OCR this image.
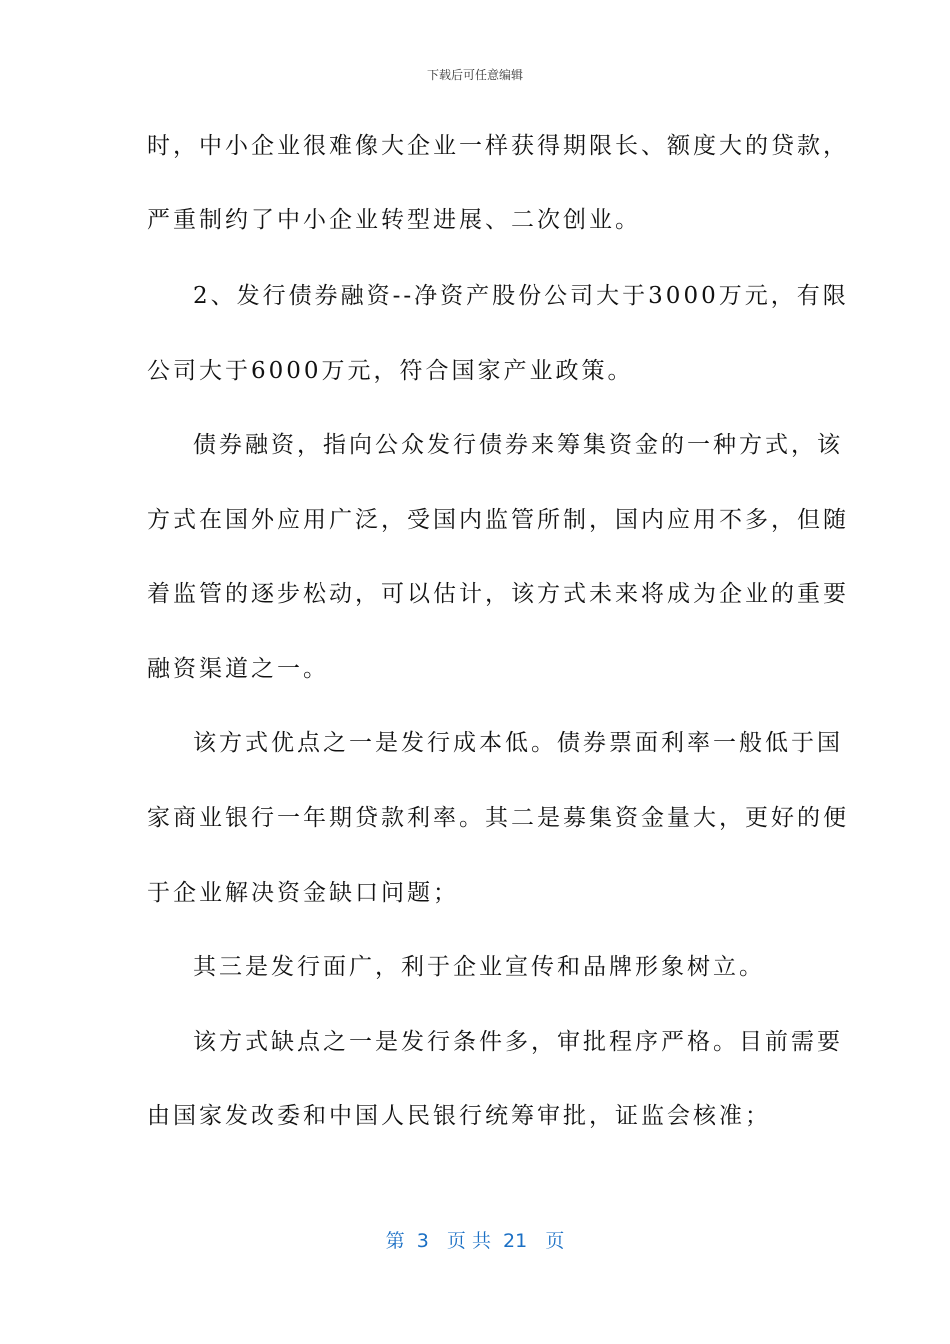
下载后可任意编辑
时，中小企业很难像大企业一样获得期限长、额度大的贷款，
严重制约了中小企业转型进展、二次创业。
2、发行债券融资--净资产股份公司大于3000万元，有限
公司大于6000万元，符合国家产业政策。
债券融资，指向公众发行债券来筹集资金的一种方式，该
方式在国外应用广泛，受国内监管所制，国内应用不多，但随
着监管的逐步松动，可以估计，该方式未来将成为企业的重要
融资渠道之一。
该方式优点之一是发行成本低。债券票面利率一般低于国
家商业银行一年期贷款利率。其二是募集资金量大，更好的便
于企业解决资金缺口问题；
其三是发行面广，利于企业宣传和品牌形象树立。
该方式缺点之一是发行条件多，审批程序严格。目前需要
由国家发改委和中国人民银行统筹审批，证监会核准；
第  3   页 共  21   页
